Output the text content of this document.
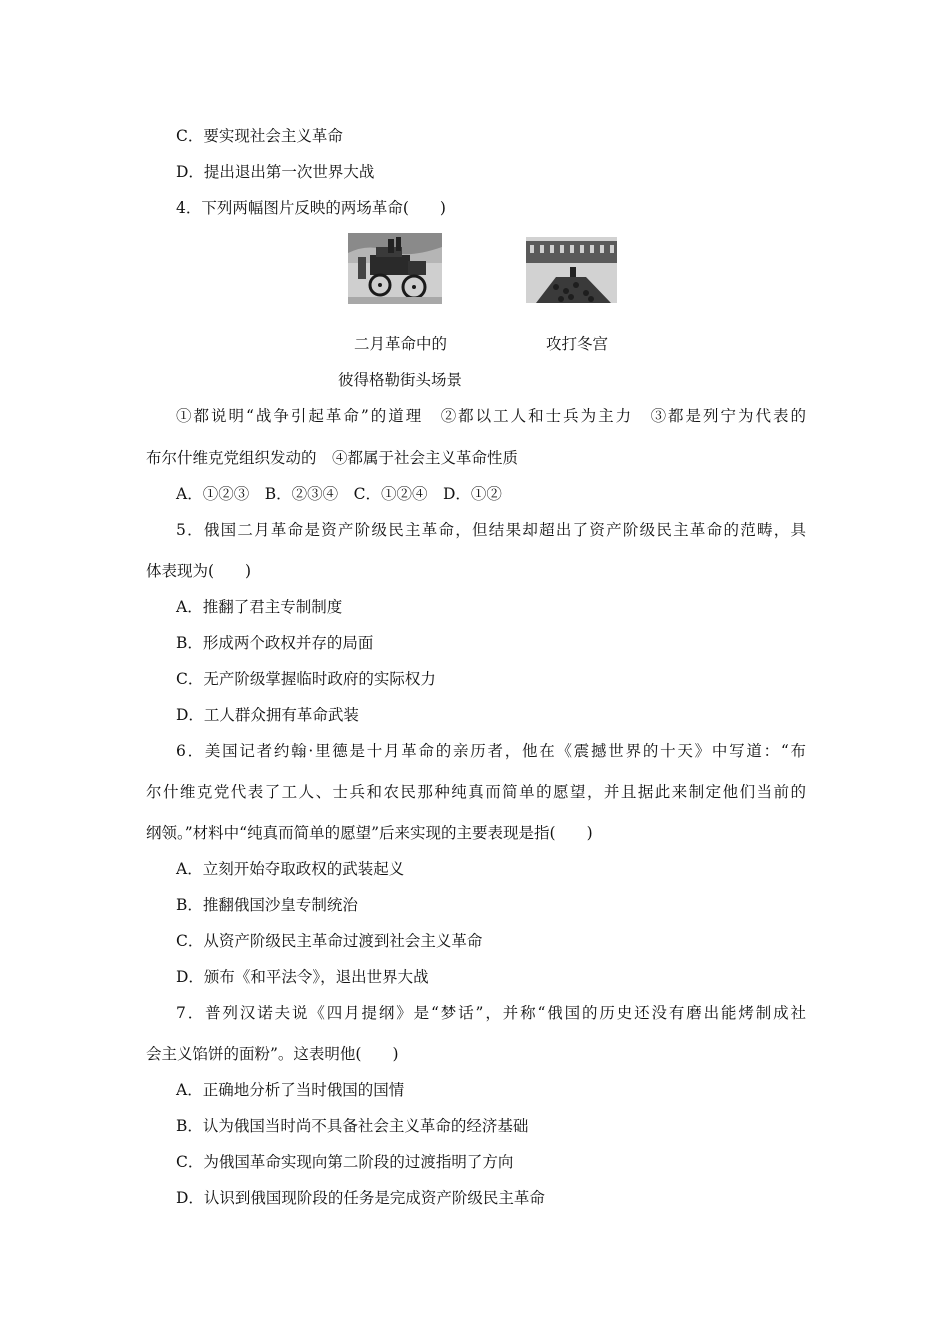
C．要实现社会主义革命
D．提出退出第一次世界大战
4．下列两幅图片反映的两场革命(　　)
二月革命中的	攻打冬宫
彼得格勒街头场景
①都说明“战争引起革命”的道理　②都以工人和士兵为主力　③都是列宁为代表的
布尔什维克党组织发动的　④都属于社会主义革命性质
A．①②③　B．②③④　C．①②④　D．①②
5．俄国二月革命是资产阶级民主革命，但结果却超出了资产阶级民主革命的范畴，具
体表现为(　　)
A．推翻了君主专制制度
B．形成两个政权并存的局面
C．无产阶级掌握临时政府的实际权力
D．工人群众拥有革命武装
6．美国记者约翰·里德是十月革命的亲历者，他在《震撼世界的十天》中写道：“布
尔什维克党代表了工人、士兵和农民那种纯真而简单的愿望，并且据此来制定他们当前的
纲领。”材料中“纯真而简单的愿望”后来实现的主要表现是指(　　)
A．立刻开始夺取政权的武装起义
B．推翻俄国沙皇专制统治
C．从资产阶级民主革命过渡到社会主义革命
D．颁布《和平法令》，退出世界大战
7．普列汉诺夫说《四月提纲》是“梦话”，并称“俄国的历史还没有磨出能烤制成社
会主义馅饼的面粉”。这表明他(　　)
A．正确地分析了当时俄国的国情
B．认为俄国当时尚不具备社会主义革命的经济基础
C．为俄国革命实现向第二阶段的过渡指明了方向
D．认识到俄国现阶段的任务是完成资产阶级民主革命
